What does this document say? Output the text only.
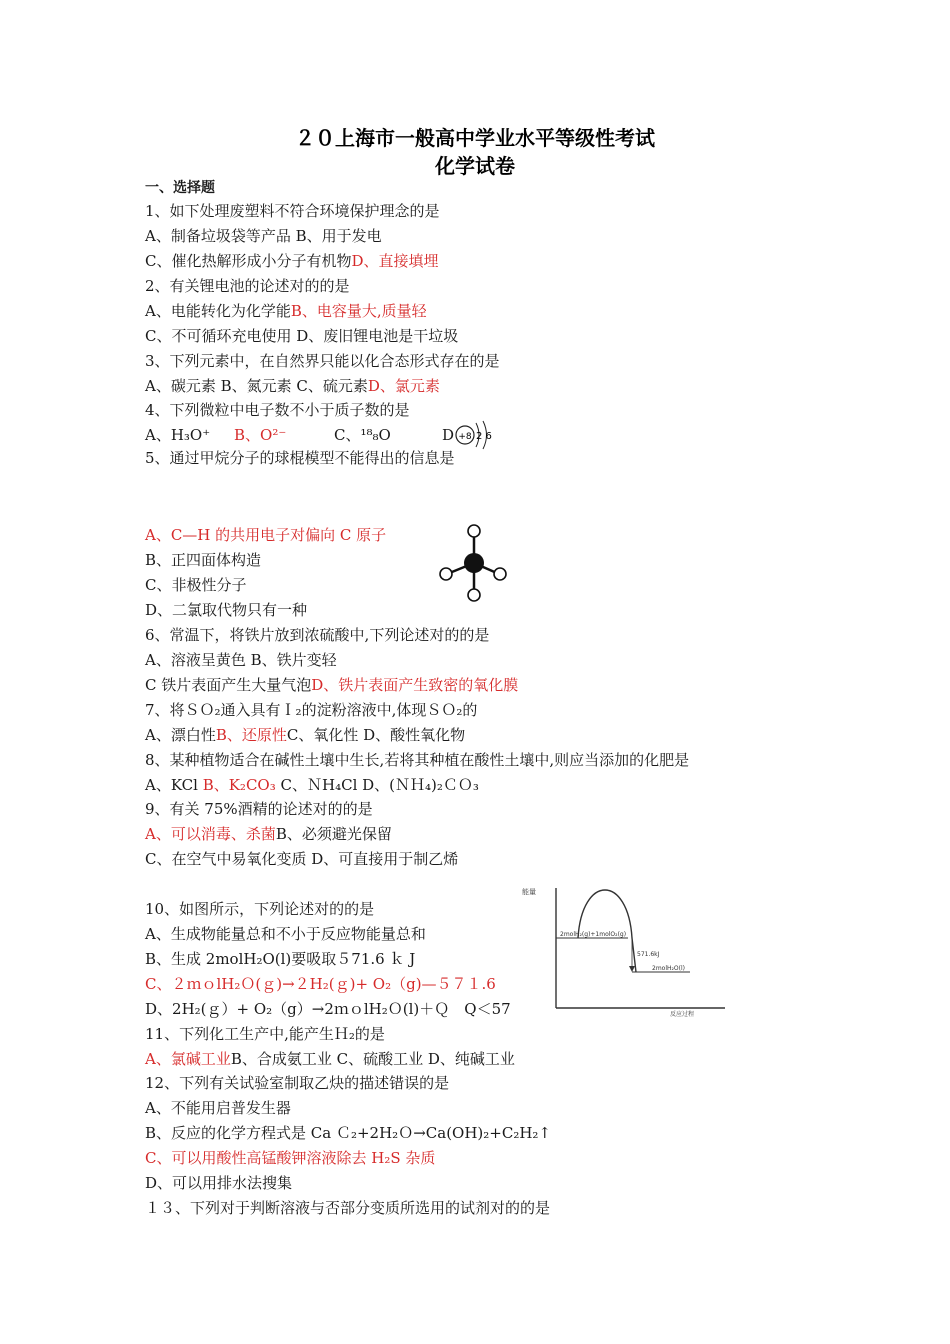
２０上海市一般高中学业水平等级性考试
化学试卷
一、选择题
1、如下处理废塑料不符合环境保护理念的是
A、制备垃圾袋等产品 B、用于发电
C、催化热解形成小分子有机物D、直接填埋
2、有关锂电池的论述对的的是
A、电能转化为化学能B、电容量大,质量轻
C、不可循环充电使用 D、废旧锂电池是干垃圾
3、下列元素中，在自然界只能以化合态形式存在的是
A、碳元素 B、氮元素 C、硫元素D、氯元素
4、下列微粒中电子数不小于质子数的是
A、H₃O⁺ B、O²⁻	C、¹⁸₈O	D +8 2 6
5、通过甲烷分子的球棍模型不能得出的信息是
A、C—H 的共用电子对偏向 C 原子
B、正四面体构造
C、非极性分子
D、二氯取代物只有一种
6、常温下，将铁片放到浓硫酸中,下列论述对的的是
A、溶液呈黄色 B、铁片变轻
C 铁片表面产生大量气泡D、铁片表面产生致密的氧化膜
7、将ＳＯ₂通入具有Ｉ₂的淀粉溶液中,体现ＳＯ₂的
A、漂白性B、还原性C、氧化性 D、酸性氧化物
8、某种植物适合在碱性土壤中生长,若将其种植在酸性土壤中,则应当添加的化肥是
A、KCl B、K₂CO₃ C、ＮH₄Cl D、(ＮＨ₄)₂ＣＯ₃
9、有关 75%酒精的论述对的的是
A、可以消毒、杀菌B、必须避光保留
C、在空气中易氧化变质 D、可直接用于制乙烯
10、如图所示，下列论述对的的是
A、生成物能量总和不小于反应物能量总和
B、生成 2molH₂O(l)要吸取５71.6 ｋ J
C、２ｍｏlH₂Ｏ(ｇ)→２H₂(ｇ)+ O₂（g)—５７１.6
D、2H₂(ｇ）+ O₂（g）→2ｍｏlH₂Ｏ(l)＋Ｑ　Q＜57
能量
2molH₂(g)+1molO₂(g)
571.6kJ
2molH₂O(l)
反应过程
11、下列化工生产中,能产生Ｈ₂的是
A、氯碱工业B、合成氨工业 C、硫酸工业 D、纯碱工业
12、下列有关试验室制取乙炔的描述错误的是
A、不能用启普发生器
B、反应的化学方程式是 Ca Ｃ₂+2H₂Ｏ→Ca(OH)₂+C₂H₂↑
C、可以用酸性高锰酸钾溶液除去 H₂S 杂质
D、可以用排水法搜集
１３、下列对于判断溶液与否部分变质所选用的试剂对的的是
